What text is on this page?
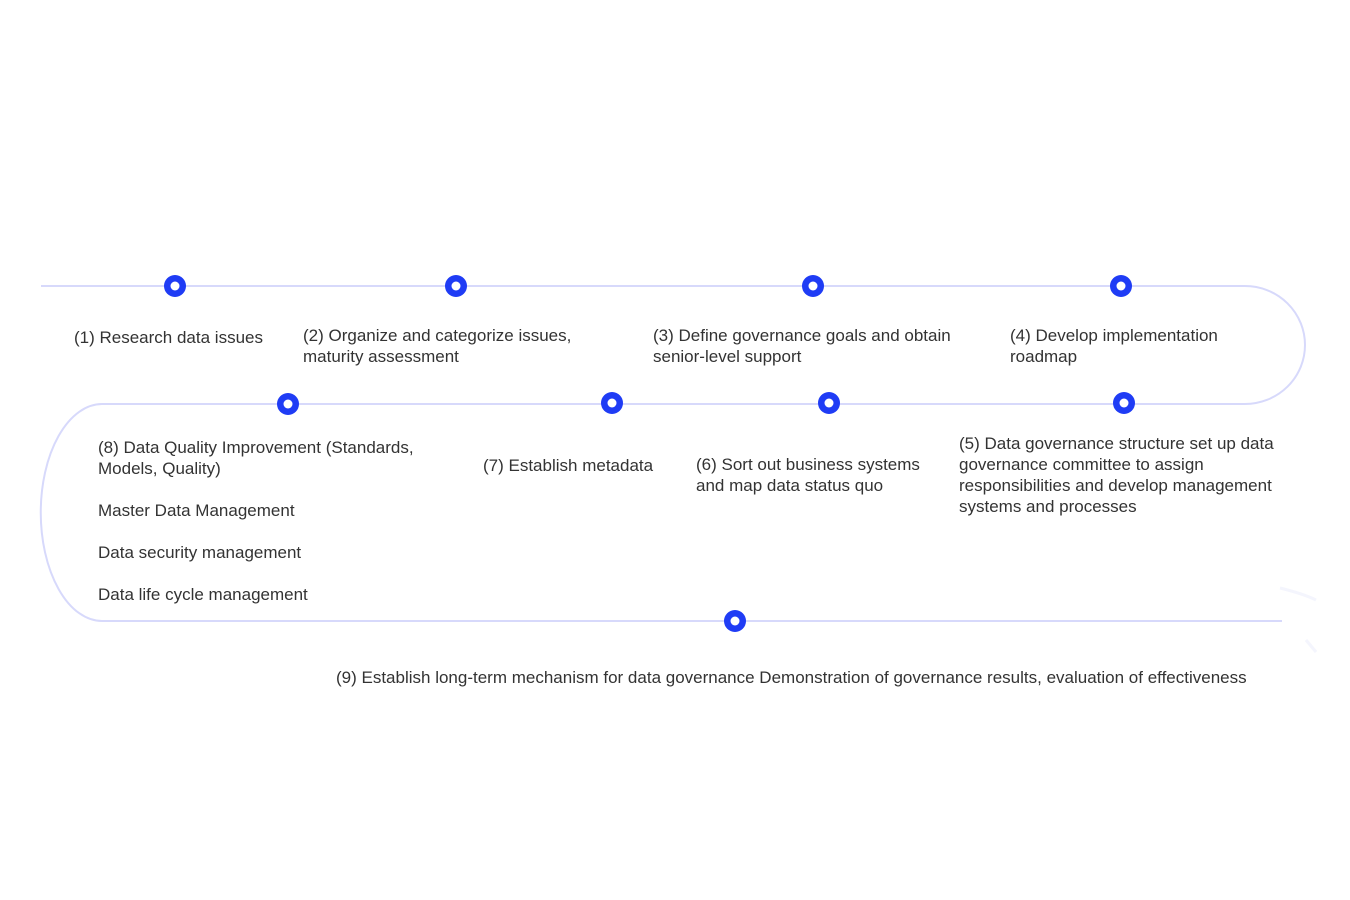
(1) Research data issues	(2) Organize and categorize issues,
maturity assessment
(3) Define governance goals and obtain
senior-level support
(4) Develop implementation
roadmap
(5) Data governance structure set up data
governance committee to assign
responsibilities and develop management
systems and processes
(6) Sort out business systems
and map data status quo
(7) Establish metadata
(8) Data Quality Improvement (Standards,
Models, Quality)
Master Data Management
Data security management
Data life cycle management
(9) Establish long-term mechanism for data governance Demonstration of governance results, evaluation of effectiveness
